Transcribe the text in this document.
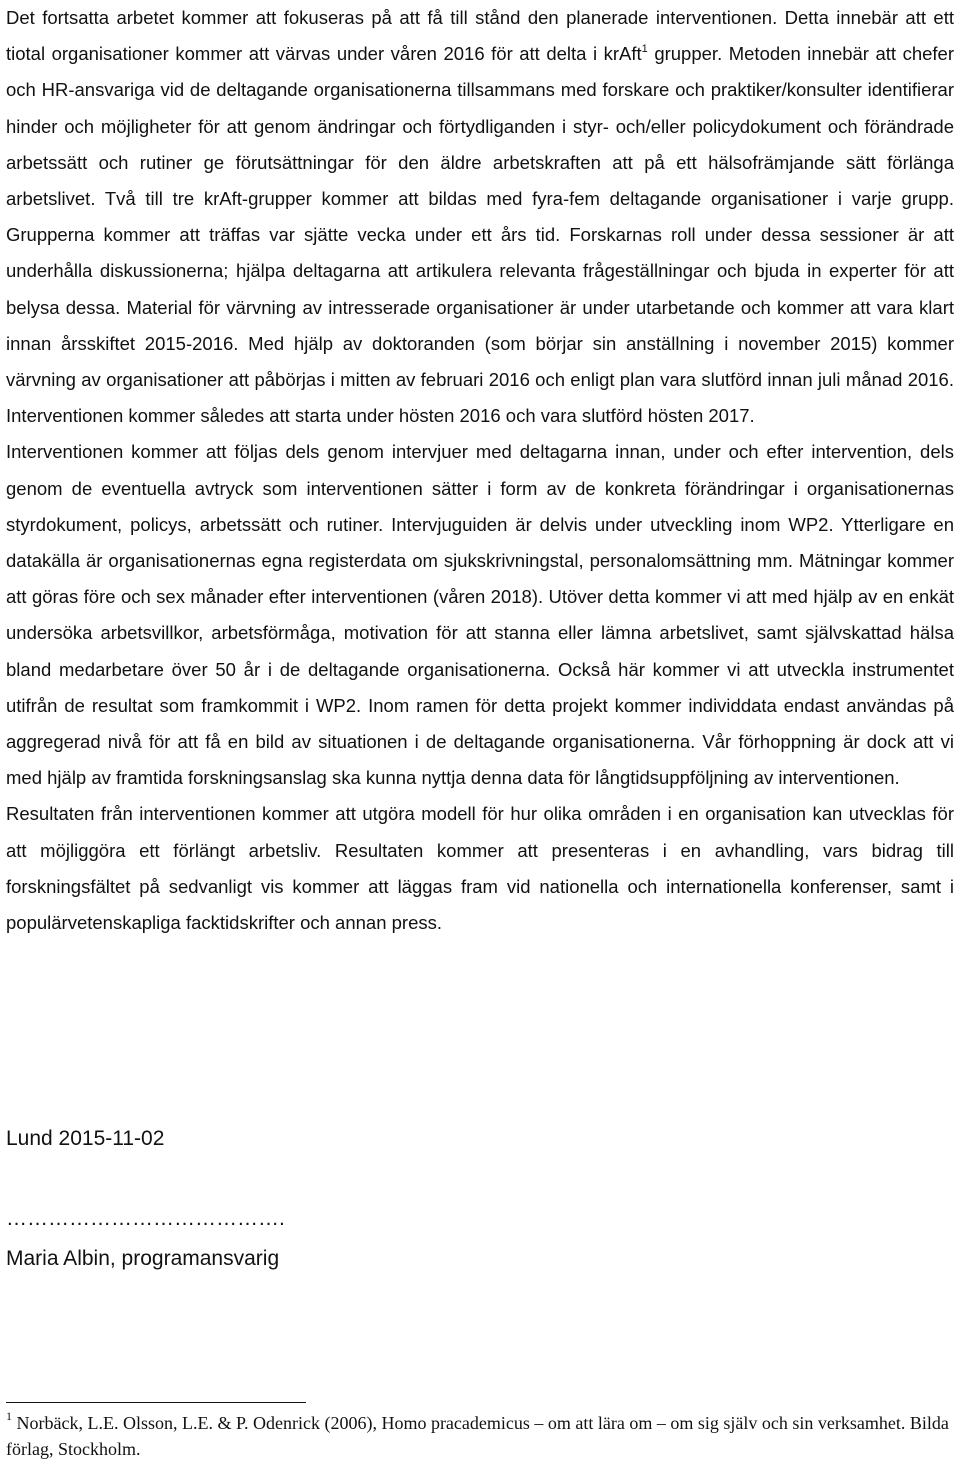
Det fortsatta arbetet kommer att fokuseras på att få till stånd den planerade interventionen. Detta innebär att ett tiotal organisationer kommer att värvas under våren 2016 för att delta i krAft$^1$ grupper. Metoden innebär att chefer och HR-ansvariga vid de deltagande organisationerna tillsammans med forskare och praktiker/konsulter identifierar hinder och möjligheter för att genom ändringar och förtydliganden i styr- och/eller policydokument och förändrade arbetssätt och rutiner ge förutsättningar för den äldre arbetskraften att på ett hälsofrämjande sätt förlänga arbetslivet. Två till tre krAft-grupper kommer att bildas med fyra-fem deltagande organisationer i varje grupp. Grupperna kommer att träffas var sjätte vecka under ett års tid. Forskarnas roll under dessa sessioner är att underhålla diskussionerna; hjälpa deltagarna att artikulera relevanta frågeställningar och bjuda in experter för att belysa dessa. Material för värvning av intresserade organisationer är under utarbetande och kommer att vara klart innan årsskiftet 2015-2016. Med hjälp av doktoranden (som börjar sin anställning i november 2015) kommer värvning av organisationer att påbörjas i mitten av februari 2016 och enligt plan vara slutförd innan juli månad 2016. Interventionen kommer således att starta under hösten 2016 och vara slutförd hösten 2017.

Interventionen kommer att följas dels genom intervjuer med deltagarna innan, under och efter intervention, dels genom de eventuella avtryck som interventionen sätter i form av de konkreta förändringar i organisationernas styrdokument, policys, arbetssätt och rutiner. Intervjuguiden är delvis under utveckling inom WP2. Ytterligare en datakälla är organisationernas egna registerdata om sjukskrivningstal, personalomsättning mm. Mätningar kommer att göras före och sex månader efter interventionen (våren 2018). Utöver detta kommer vi att med hjälp av en enkät undersöka arbetsvillkor, arbetsförmåga, motivation för att stanna eller lämna arbetslivet, samt självskattad hälsa bland medarbetare över 50 år i de deltagande organisationerna. Också här kommer vi att utveckla instrumentet utifrån de resultat som framkommit i WP2. Inom ramen för detta projekt kommer individdata endast användas på aggregerad nivå för att få en bild av situationen i de deltagande organisationerna. Vår förhoppning är dock att vi med hjälp av framtida forskningsanslag ska kunna nyttja denna data för långtidsuppföljning av interventionen.

Resultaten från interventionen kommer att utgöra modell för hur olika områden i en organisation kan utvecklas för att möjliggöra ett förlängt arbetsliv. Resultaten kommer att presenteras i en avhandling, vars bidrag till forskningsfältet på sedvanligt vis kommer att läggas fram vid nationella och internationella konferenser, samt i populärvetenskapliga facktidskrifter och annan press.

Lund 2015-11-02

………………………………….

Maria Albin, programansvarig

$^1$ Norbäck, L.E. Olsson, L.E. & P. Odenrick (2006), Homo pracademicus – om att lära om – om sig själv och sin verksamhet. Bilda förlag, Stockholm.
